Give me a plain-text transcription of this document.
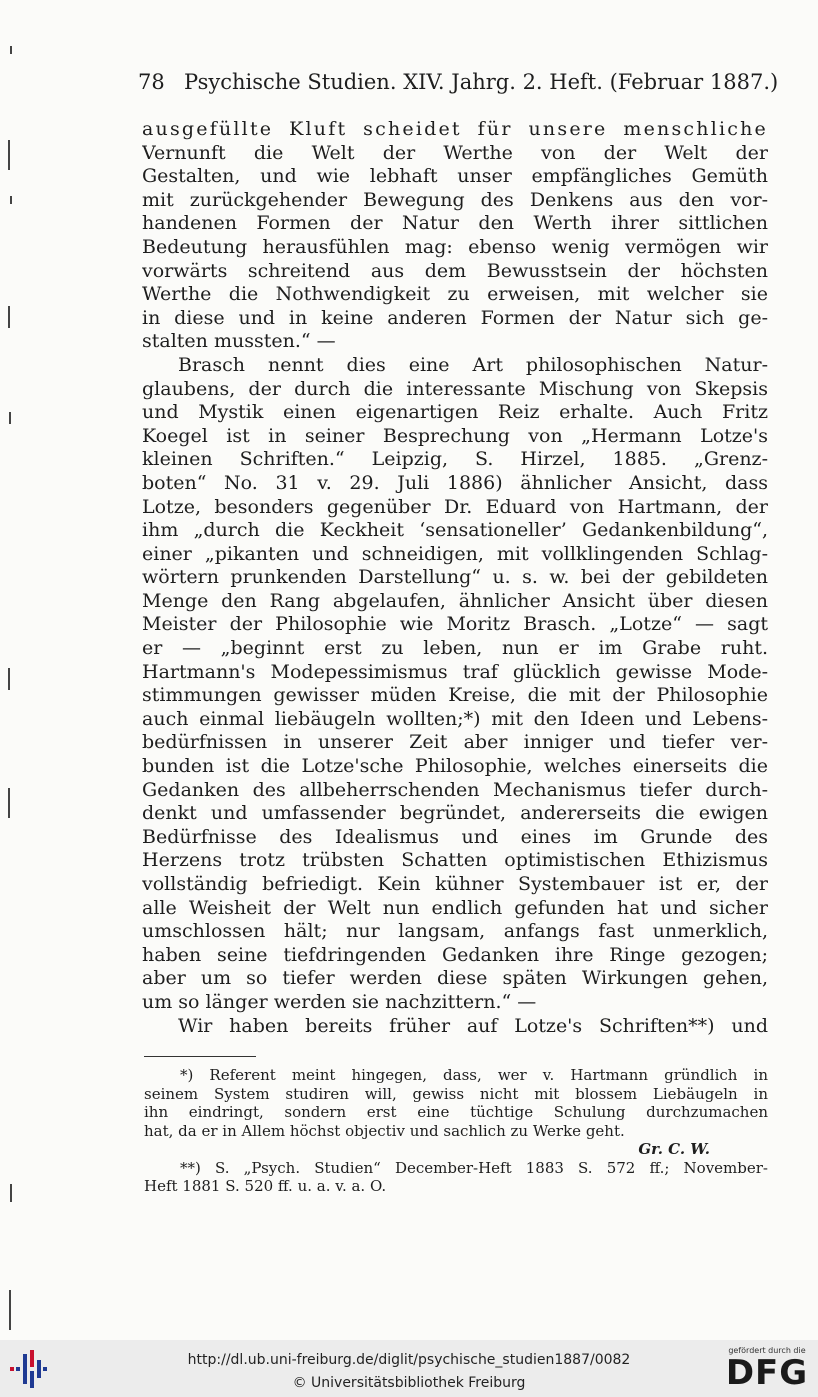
78 Psychische Studien. XIV. Jahrg. 2. Heft. (Februar 1887.)
ausgefüllte Kluft scheidet für unsere menschliche
Vernunft die Welt der Werthe von der Welt der
Gestalten, und wie lebhaft unser empfängliches Gemüth
mit zurückgehender Bewegung des Denkens aus den vor-
handenen Formen der Natur den Werth ihrer sittlichen
Bedeutung herausfühlen mag: ebenso wenig vermögen wir
vorwärts schreitend aus dem Bewusstsein der höchsten
Werthe die Nothwendigkeit zu erweisen, mit welcher sie
in diese und in keine anderen Formen der Natur sich ge-
stalten mussten.“ —
Brasch nennt dies eine Art philosophischen Natur-
glaubens, der durch die interessante Mischung von Skepsis
und Mystik einen eigenartigen Reiz erhalte. Auch Fritz
Koegel ist in seiner Besprechung von „Hermann Lotze's
kleinen Schriften.“ Leipzig, S. Hirzel, 1885. „Grenz-
boten“ No. 31 v. 29. Juli 1886) ähnlicher Ansicht, dass
Lotze, besonders gegenüber Dr. Eduard von Hartmann, der
ihm „durch die Keckheit ‘sensationeller’ Gedankenbildung“,
einer „pikanten und schneidigen, mit vollklingenden Schlag-
wörtern prunkenden Darstellung“ u. s. w. bei der gebildeten
Menge den Rang abgelaufen, ähnlicher Ansicht über diesen
Meister der Philosophie wie Moritz Brasch. „Lotze“ — sagt
er — „beginnt erst zu leben, nun er im Grabe ruht.
Hartmann's Modepessimismus traf glücklich gewisse Mode-
stimmungen gewisser müden Kreise, die mit der Philosophie
auch einmal liebäugeln wollten;*) mit den Ideen und Lebens-
bedürfnissen in unserer Zeit aber inniger und tiefer ver-
bunden ist die Lotze'sche Philosophie, welches einerseits die
Gedanken des allbeherrschenden Mechanismus tiefer durch-
denkt und umfassender begründet, andererseits die ewigen
Bedürfnisse des Idealismus und eines im Grunde des
Herzens trotz trübsten Schatten optimistischen Ethizismus
vollständig befriedigt. Kein kühner Systembauer ist er, der
alle Weisheit der Welt nun endlich gefunden hat und sicher
umschlossen hält; nur langsam, anfangs fast unmerklich,
haben seine tiefdringenden Gedanken ihre Ringe gezogen;
aber um so tiefer werden diese späten Wirkungen gehen,
um so länger werden sie nachzittern.“ —
Wir haben bereits früher auf Lotze's Schriften**) und
*) Referent meint hingegen, dass, wer v. Hartmann gründlich in
seinem System studiren will, gewiss nicht mit blossem Liebäugeln in
ihn eindringt, sondern erst eine tüchtige Schulung durchzumachen
hat, da er in Allem höchst objectiv und sachlich zu Werke geht.
Gr. C. W.
**) S. „Psych. Studien“ December-Heft 1883 S. 572 ff.; November-
Heft 1881 S. 520 ff. u. a. v. a. O.
http://dl.ub.uni-freiburg.de/diglit/psychische_studien1887/0082
© Universitätsbibliothek Freiburg
gefördert durch die
DFG
